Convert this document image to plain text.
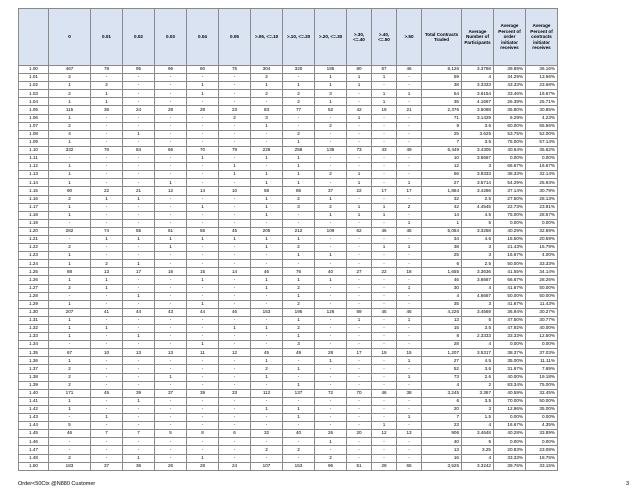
	0	0.01	0.02	0.03	0.04	0.05	>.05, <=.10	>.10, <=.20	>.20, <=.30	>.30, <=.40	>.40, <=.50	>.50	Total Contracts Traded	Average Number of Participants	Average Percent of order initiator receives	Average Percent of contracts initiator receives
1.00	467	78	95	96	80	75	304	320	185	80	57	46	8,126	3.3768	39.89%	36.16%
1.01	2	-	-	-	-	-	2	-	1	1	1	-	59	4	34.29%	13.56%
1.02	1	2	-	-	1	-	1	1	1	1	-	-	38	3.3333	43.33%	23.68%
1.03	2	1	-	-	1	-	2	2	3	-	1	1	54	3.6154	33.46%	16.67%
1.04	1	1	-	-	-	-	-	2	1	-	1	-	35	4.1667	26.39%	25.71%
1.05	115	36	24	28	28	23	83	77	52	42	19	21	2,376	3.5088	35.80%	30.85%
1.06	1	-	-	-	-	2	3	-	-	1	-	-	71	3.1429	9.29%	4.23%
1.07	2	-	-	-	-	-	1	-	2	-	-	-	9	3.6	60.00%	55.56%
1.08	4	-	1	-	-	-	-	2	-	-	-	-	25	3.625	53.75%	52.00%
1.09	1	-	-	-	-	-	-	1	-	-	-	-	7	3.5	75.00%	57.14%
1.10	332	76	84	66	70	79	228	258	135	73	43	49	6,449	3.4305	40.64%	35.62%
1.11	-	-	-	-	1	-	1	1	-	-	-	-	10	3.6667	0.00%	0.00%
1.12	1	-	-	-	-	1	-	1	-	-	-	-	12	3	66.67%	16.67%
1.13	1	-	-	-	-	1	1	1	2	1	-	-	56	3.8333	38.33%	32.14%
1.14	1	-	-	1	-	-	1	1	-	1	-	1	27	3.5714	54.29%	25.93%
1.15	90	22	21	12	14	10	58	86	37	22	17	17	1,864	3.4286	37.14%	30.79%
1.16	2	1	1	-	-	-	1	2	1	-	-	-	32	2.5	27.50%	28.13%
1.17	1	-	-	-	1	-	1	3	2	1	1	2	42	4.4545	22.73%	23.81%
1.18	1	-	-	-	-	-	1	-	1	1	1	-	14	4.5	75.00%	28.57%
1.19	-	-	-	-	-	-	-	-	-	-	-	1	1	5	0.00%	0.00%
1.20	282	74	55	61	56	45	205	212	109	62	46	45	5,084	3.3258	40.29%	32.69%
1.21	-	1	1	1	1	1	1	1	-	-	-	-	34	4.6	15.50%	20.59%
1.22	2	-	-	1	-	-	1	2	-	-	1	1	38	3	21.43%	15.79%
1.23	1	-	-	-	-	-	-	1	1	-	-	-	25	3	16.67%	4.00%
1.24	1	2	1	-	-	-	-	-	-	-	-	-	6	2.5	50.00%	33.33%
1.25	88	13	17	16	15	14	46	76	40	27	22	18	1,655	3.3636	41.55%	34.14%
1.26	1	1	-	-	1	-	1	1	1	-	-	-	46	3.6667	66.67%	28.26%
1.27	2	1	-	-	-	-	1	2	-	-	-	1	30	4	41.67%	50.00%
1.28	-	-	1	-	-	-	-	1	-	-	-	-	4	4.6667	50.00%	50.00%
1.29	1	-	-	-	1	-	-	2	-	-	-	-	35	3	41.67%	11.43%
1.30	207	41	44	43	44	46	153	195	126	69	45	46	4,226	3.4569	36.94%	30.27%
1.31	1	-	-	-	-	-	-	1	-	1	-	1	13	5	47.50%	30.77%
1.32	1	1	-	-	-	1	1	2	-	-	-	-	15	3.5	47.92%	40.00%
1.33	1	-	1	-	-	-	-	1	-	-	-	-	8	2.3333	33.33%	12.50%
1.34	-	-	-	-	1	-	-	3	-	-	-	-	28	4	0.00%	0.00%
1.35	67	10	13	13	11	12	45	49	28	17	19	15	1,207	3.5317	38.37%	37.03%
1.36	1	-	-	-	-	-	1	-	1	-	-	1	27	4.5	35.00%	11.11%
1.37	2	-	-	-	-	-	2	1	-	-	-	-	52	3.6	31.67%	7.69%
1.38	2	-	-	1	-	-	1	-	-	-	-	1	73	2.6	40.00%	19.18%
1.39	2	-	-	-	-	-	-	1	-	-	-	-	4	2	83.34%	75.00%
1.40	171	45	39	37	39	33	112	137	72	70	46	38	3,245	3.367	40.59%	32.45%
1.41	1	-	1	-	-	-	-	-	-	-	-	-	6	3.5	70.00%	50.00%
1.42	1	-	-	-	-	-	1	1	-	-	-	-	20	3	12.96%	35.00%
1.43	-	1	-	-	-	-	-	1	-	-	-	1	7	1.5	0.00%	0.00%
1.44	5	-	-	-	-	-	-	-	-	-	1	-	23	4	16.67%	4.35%
1.45	46	7	7	5	8	6	32	40	26	20	12	13	906	3.4648	40.28%	33.89%
1.46	-	-	-	-	-	-	-	-	1	-	-	-	40	5	0.00%	0.00%
1.47	-	-	-	-	-	-	2	2	-	-	-	-	13	3.25	20.83%	23.08%
1.48	2	-	1	-	1	-	-	-	2	-	-	-	16	4	33.33%	18.75%
1.50	183	37	36	26	28	24	107	153	96	51	29	65	3,525	3.3242	39.76%	33.15%
Order<50Ctx @N880 Customer	3
